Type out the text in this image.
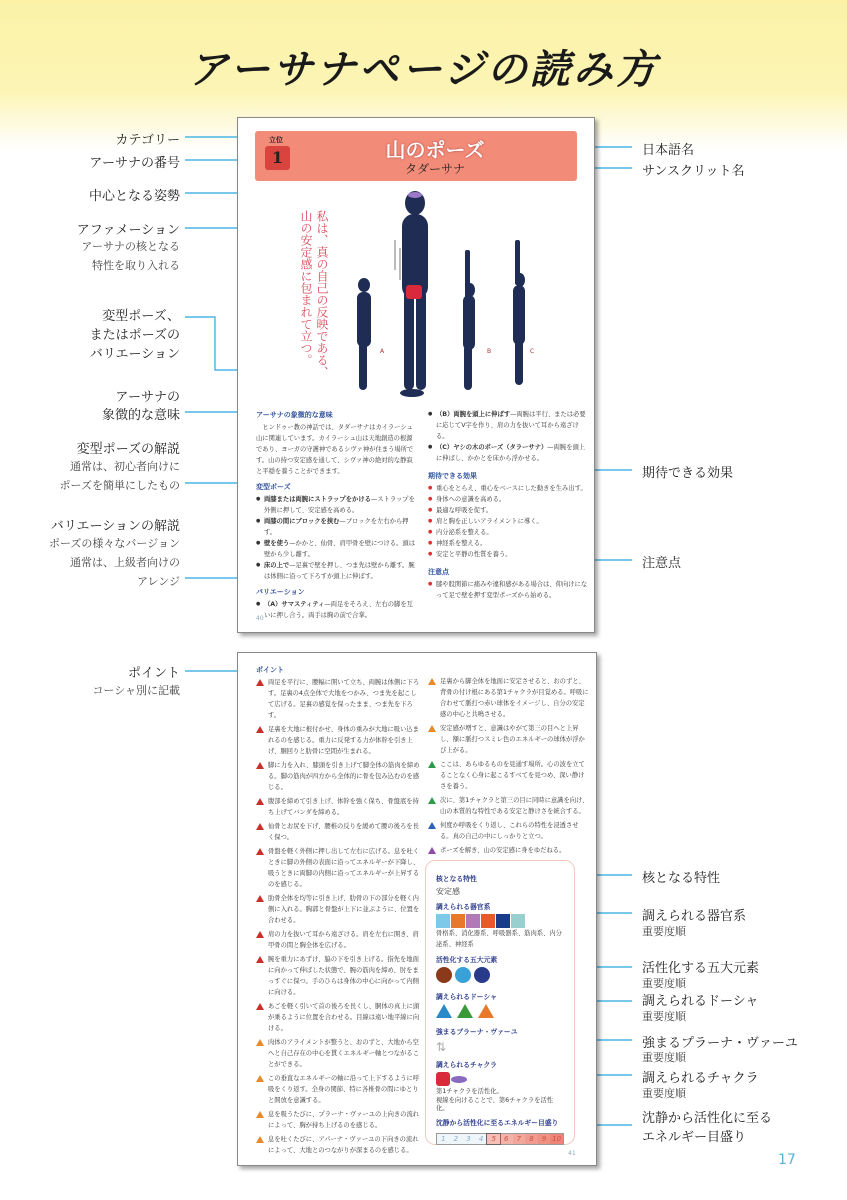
アーサナページの読み方
カテゴリー
アーサナの番号
中心となる姿勢
アファメーション
アーサナの核となる
特性を取り入れる
変型ポーズ、
またはポーズの
バリエーション
アーサナの
象徴的な意味
変型ポーズの解説
通常は、初心者向けに
ポーズを簡単にしたもの
バリエーションの解説
ポーズの様々なバージョン
通常は、上級者向けの
アレンジ
ポイント
コーシャ別に記載
日本語名
サンスクリット名
期待できる効果
注意点
核となる特性
調えられる器官系
重要度順
活性化する五大元素
重要度順
調えられるドーシャ
重要度順
強まるプラーナ・ヴァーユ
重要度順
調えられるチャクラ
重要度順
沈静から活性化に至る
エネルギー目盛り
17
立位
1	山のポーズ
タダーサナ
私は、真の自己の反映である、山の安定感に包まれて立つ。	A	B	C
アーサナの象徴的な意味
ヒンドゥー教の神話では、タダーサナはカイラーシュ山に関連しています。カイラーシュ山は天地創造の根源であり、ヨーガの守護神であるシヴァ神が住まう場所です。山の持つ安定感を通して、シヴァ神の絶対的な静寂と平穏を養うことができます。
変型ポーズ
● 両膝または両腕にストラップをかける—ストラップを外側に押して、安定感を高める。
● 両膝の間にブロックを挟む—ブロックを左右から押す。
● 壁を使う—かかと、仙骨、肩甲骨を壁につける。頭は壁から少し離す。
● 床の上で—足裏で壁を押し、つま先は壁から離す。腕は体側に沿って下ろすか頭上に伸ばす。
バリエーション
● （A）サマスティティ—両足をそろえ、左右の脚を互いに押し合う。両手は胸の前で合掌。
● （B）両腕を頭上に伸ばす—両腕は平行、または必要に応じてV字を作り、肩の力を抜いて耳から遠ざける。
● （C）ヤシの木のポーズ（タラーサナ）—両腕を頭上に伸ばし、かかとを床から浮かせる。
期待できる効果
● 重心をとらえ、重心をベースにした動きを生み出す。
● 身体への意識を高める。
● 最適な呼吸を促す。
● 肩と胸を正しいアライメントに導く。
● 内分泌系を整える。
● 神経系を整える。
● 安定と平静の性質を養う。
注意点
● 膝や股関節に痛みや違和感がある場合は、仰向けになって足で壁を押す変型ポーズから始める。
40
ポイント
両足を平行に、腰幅に開いて立ち、両腕は体側に下ろす。足裏の4点全体で大地をつかみ、つま先を起こして広げる。足裏の感覚を保ったまま、つま先を下ろす。
足裏を大地に根付かせ、身体の重みが大地に吸い込まれるのを感じる。重力に反発する力が体幹を引き上げ、胴回りと肋骨に空間が生まれる。
脚に力を入れ、膝頭を引き上げて脚全体の筋肉を締める。脚の筋肉が四方から全体的に骨を包み込むのを感じる。
腹部を締めて引き上げ、体幹を強く保ち、骨盤底を持ち上げてバンダを締める。
仙骨とお尻を下げ、腰椎の反りを緩めて腰の後ろを長く保つ。
骨盤を軽く外側に押し出して左右に広げる。息を吐くときに脚の外側の表面に沿ってエネルギーが下降し、吸うときに両脚の内側に沿ってエネルギーが上昇するのを感じる。
肋骨全体を均等に引き上げ、肋骨の下の部分を軽く内側に入れる。胸郭と骨盤が上下に並ぶように、位置を合わせる。
肩の力を抜いて耳から遠ざける。肩を左右に開き、肩甲骨の間と胸全体を広げる。
腕を重力にあずけ、脇の下を引き上げる。指先を地面に向かって伸ばした状態で、腕の筋肉を締め、肘をまっすぐに保つ。手のひらは身体の中心に向かって内側に向ける。
あごを軽く引いて首の後ろを長くし、胴体の真上に頭が乗るように位置を合わせる。目線は遠い地平線に向ける。
肉体のアライメントが整うと、おのずと、大地から空へと自己存在の中心を貫くエネルギー軸とつながることができる。
この垂直なエネルギーの軸に沿って上下するように呼吸をくり返す。全身の関節、特に各椎骨の間にゆとりと開放を意識する。
息を吸うたびに、プラーナ・ヴァーユの上向きの流れによって、胸が持ち上げるのを感じる。
息を吐くたびに、アパーナ・ヴァーユの下向きの流れによって、大地とのつながりが深まるのを感じる。
足裏から脚全体を地面に安定させると、おのずと、背骨の付け根にある第1チャクラが目覚める。呼吸に合わせて脈打つ赤い球体をイメージし、自分の安定感の中心と共鳴させる。
安定感が増すと、意識はやがて第三の目へと上昇し、額に脈打つスミレ色のエネルギーの球体が浮かび上がる。
ここは、あらゆるものを見通す場所。心の波を立てることなく心身に起こるすべてを見つめ、深い静けさを養う。
次に、第1チャクラと第三の目に同時に意識を向け、山の本質的な特性である安定と静けさを統合する。
何度か呼吸をくり返し、これらの特性を浸透させる。真の自己の中にしっかりと立つ。
ポーズを解き、山の安定感に身をゆだねる。
核となる特性
安定感
調えられる器官系
骨格系、消化器系、呼吸器系、筋肉系、内分泌系、神経系
活性化する五大元素
調えられるドーシャ
強まるプラーナ・ヴァーユ
⇅
調えられるチャクラ
第1チャクラを活性化。
視線を向けることで、第6チャクラを活性化。
沈静から活性化に至るエネルギー目盛り
1	2	3	4	5	6	7	8	9 10
41
